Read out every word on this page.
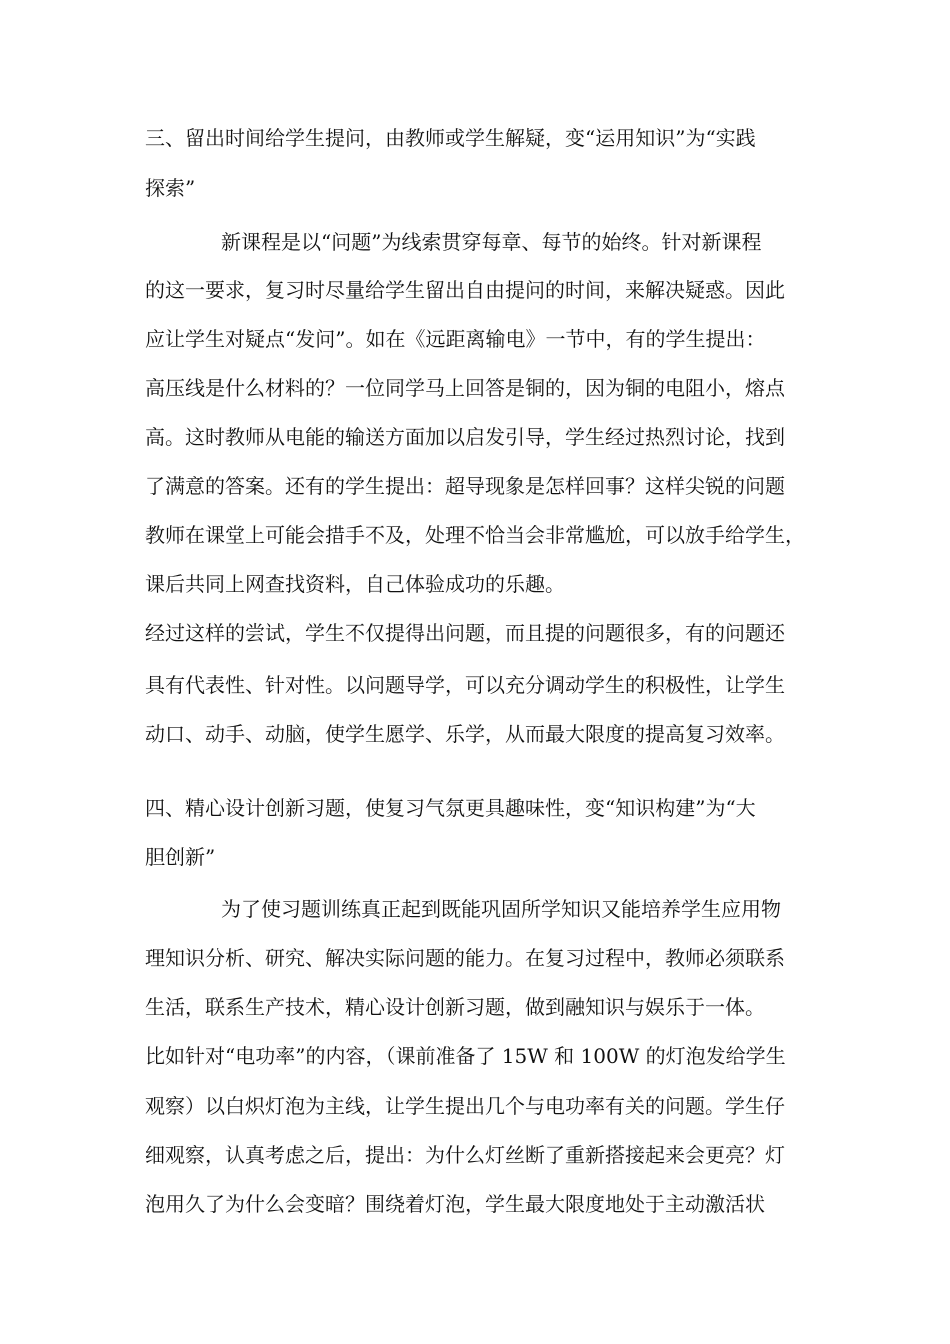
三、留出时间给学生提问，由教师或学生解疑，变“运用知识”为“实践
探索”
新课程是以“问题”为线索贯穿每章、每节的始终。针对新课程
的这一要求，复习时尽量给学生留出自由提问的时间，来解决疑惑。因此
应让学生对疑点“发问”。如在《远距离输电》一节中，有的学生提出：
高压线是什么材料的？一位同学马上回答是铜的，因为铜的电阻小，熔点
高。这时教师从电能的输送方面加以启发引导，学生经过热烈讨论，找到
了满意的答案。还有的学生提出：超导现象是怎样回事？这样尖锐的问题
教师在课堂上可能会措手不及，处理不恰当会非常尴尬，可以放手给学生，
课后共同上网查找资料，自己体验成功的乐趣。
经过这样的尝试，学生不仅提得出问题，而且提的问题很多，有的问题还
具有代表性、针对性。以问题导学，可以充分调动学生的积极性，让学生
动口、动手、动脑，使学生愿学、乐学，从而最大限度的提高复习效率。
四、精心设计创新习题，使复习气氛更具趣味性，变“知识构建”为“大
胆创新”
为了使习题训练真正起到既能巩固所学知识又能培养学生应用物
理知识分析、研究、解决实际问题的能力。在复习过程中，教师必须联系
生活，联系生产技术，精心设计创新习题，做到融知识与娱乐于一体。
比如针对“电功率”的内容，（课前准备了 15W 和 100W 的灯泡发给学生
观察）以白炽灯泡为主线，让学生提出几个与电功率有关的问题。学生仔
细观察，认真考虑之后，提出：为什么灯丝断了重新搭接起来会更亮？灯
泡用久了为什么会变暗？围绕着灯泡，学生最大限度地处于主动激活状
